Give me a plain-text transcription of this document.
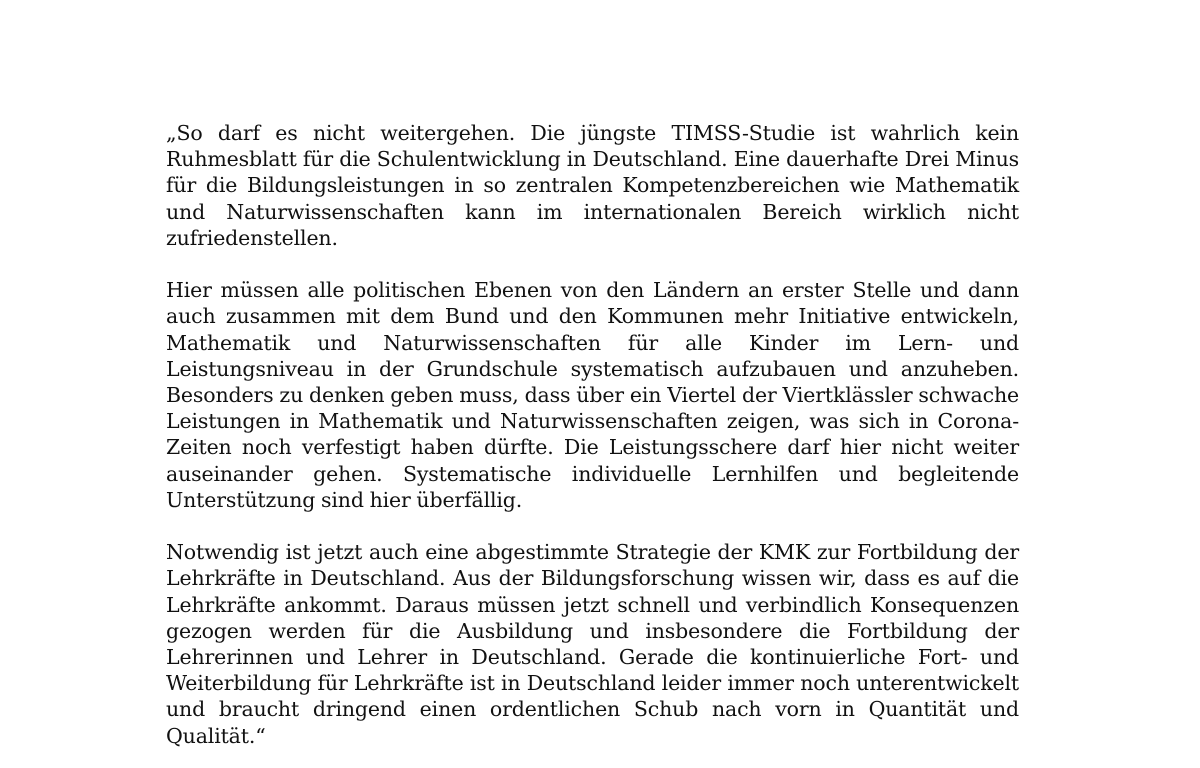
„So darf es nicht weitergehen. Die jüngste TIMSS-Studie ist wahrlich kein Ruhmesblatt für die Schulentwicklung in Deutschland. Eine dauerhafte Drei Minus für die Bildungsleistungen in so zentralen Kompetenzbereichen wie Mathematik und Naturwissenschaften kann im internationalen Bereich wirklich nicht zufriedenstellen.

Hier müssen alle politischen Ebenen von den Ländern an erster Stelle und dann auch zusammen mit dem Bund und den Kommunen mehr Initiative entwickeln, Mathematik und Naturwissenschaften für alle Kinder im Lern- und Leistungsniveau in der Grundschule systematisch aufzubauen und anzuheben. Besonders zu denken geben muss, dass über ein Viertel der Viertklässler schwache Leistungen in Mathematik und Naturwissenschaften zeigen, was sich in Corona-Zeiten noch verfestigt haben dürfte. Die Leistungsschere darf hier nicht weiter auseinander gehen. Systematische individuelle Lernhilfen und begleitende Unterstützung sind hier überfällig.

Notwendig ist jetzt auch eine abgestimmte Strategie der KMK zur Fortbildung der Lehrkräfte in Deutschland. Aus der Bildungsforschung wissen wir, dass es auf die Lehrkräfte ankommt. Daraus müssen jetzt schnell und verbindlich Konsequenzen gezogen werden für die Ausbildung und insbesondere die Fortbildung der Lehrerinnen und Lehrer in Deutschland. Gerade die kontinuierliche Fort- und Weiterbildung für Lehrkräfte ist in Deutschland leider immer noch unterentwickelt und braucht dringend einen ordentlichen Schub nach vorn in Quantität und Qualität.“
